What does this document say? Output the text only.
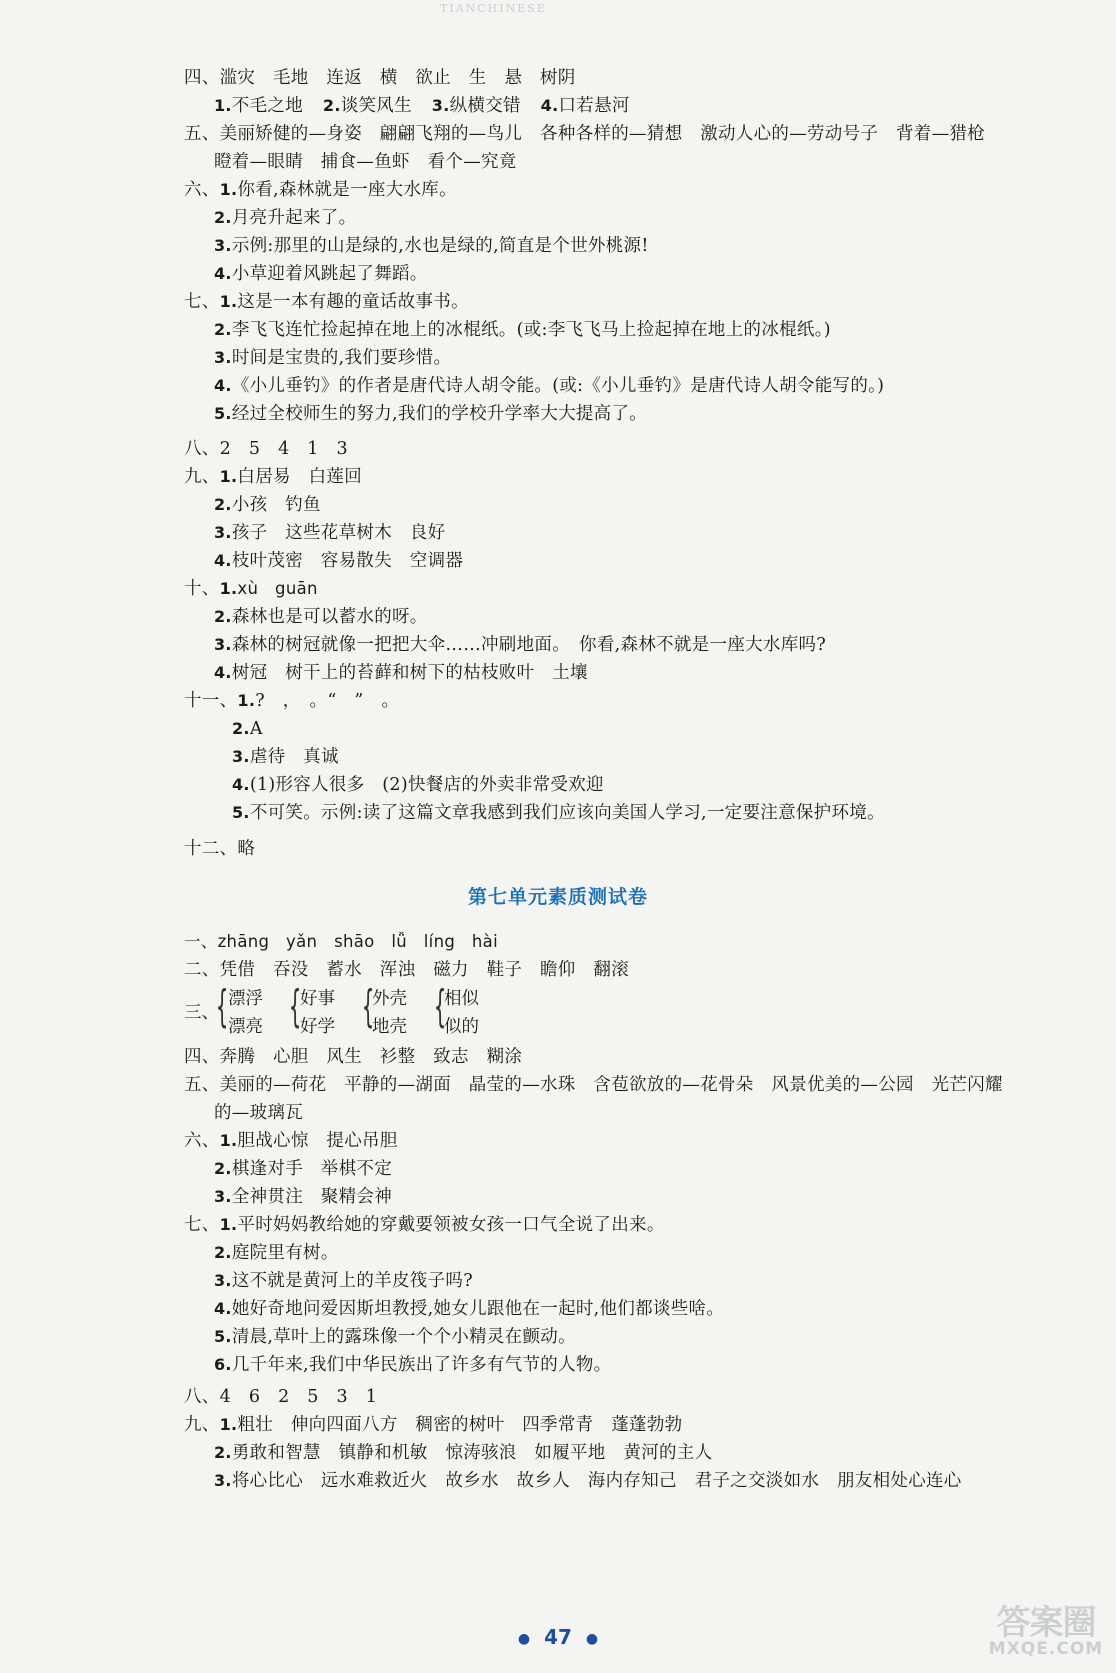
TIANCHINESE
四、滥灾　毛地　连返　横　欲止　生　悬　树阴
1.不毛之地 2.谈笑风生 3.纵横交错 4.口若悬河
五、美丽矫健的—身姿　翩翩飞翔的—鸟儿　各种各样的—猜想　激动人心的—劳动号子　背着—猎枪
瞪着—眼睛　捕食—鱼虾　看个—究竟
六、1.你看,森林就是一座大水库。
2.月亮升起来了。
3.示例:那里的山是绿的,水也是绿的,简直是个世外桃源!
4.小草迎着风跳起了舞蹈。
七、1.这是一本有趣的童话故事书。
2.李飞飞连忙捡起掉在地上的冰棍纸。(或:李飞飞马上捡起掉在地上的冰棍纸。)
3.时间是宝贵的,我们要珍惜。
4.《小儿垂钓》的作者是唐代诗人胡令能。(或:《小儿垂钓》是唐代诗人胡令能写的。)
5.经过全校师生的努力,我们的学校升学率大大提高了。
八、2　5　4　1　3
九、1.白居易　白莲回
2.小孩　钓鱼
3.孩子　这些花草树木　良好
4.枝叶茂密　容易散失　空调器
十、1.xù　guān
2.森林也是可以蓄水的呀。
3.森林的树冠就像一把把大伞……冲刷地面。　你看,森林不就是一座大水库吗?
4.树冠　树干上的苔藓和树下的枯枝败叶　土壤
十一、1.?　，　。“　”　。
2.A
3.虐待　真诚
4.(1)形容人很多　(2)快餐店的外卖非常受欢迎
5.不可笑。示例:读了这篇文章我感到我们应该向美国人学习,一定要注意保护环境。
十二、略
第七单元素质测试卷
一、zhāng　yǎn　shāo　lǚ　líng　hài
二、凭借　吞没　蓄水　浑浊　磁力　鞋子　瞻仰　翻滚
三、
{ 漂浮
漂亮 {
好事
好学 {
外壳
地壳 {
相似
似的
四、奔腾　心胆　风生　衫整　致志　糊涂
五、美丽的—荷花　平静的—湖面　晶莹的—水珠　含苞欲放的—花骨朵　风景优美的—公园　光芒闪耀
的—玻璃瓦
六、1.胆战心惊　提心吊胆
2.棋逢对手　举棋不定
3.全神贯注　聚精会神
七、1.平时妈妈教给她的穿戴要领被女孩一口气全说了出来。
2.庭院里有树。
3.这不就是黄河上的羊皮筏子吗?
4.她好奇地问爱因斯坦教授,她女儿跟他在一起时,他们都谈些啥。
5.清晨,草叶上的露珠像一个个小精灵在颤动。
6.几千年来,我们中华民族出了许多有气节的人物。
八、4　6　2　5　3　1
九、1.粗壮　伸向四面八方　稠密的树叶　四季常青　蓬蓬勃勃
2.勇敢和智慧　镇静和机敏　惊涛骇浪　如履平地　黄河的主人
3.将心比心　远水难救近火　故乡水　故乡人　海内存知己　君子之交淡如水　朋友相处心连心
● 47 ●	答案圈
MXQE.COM
